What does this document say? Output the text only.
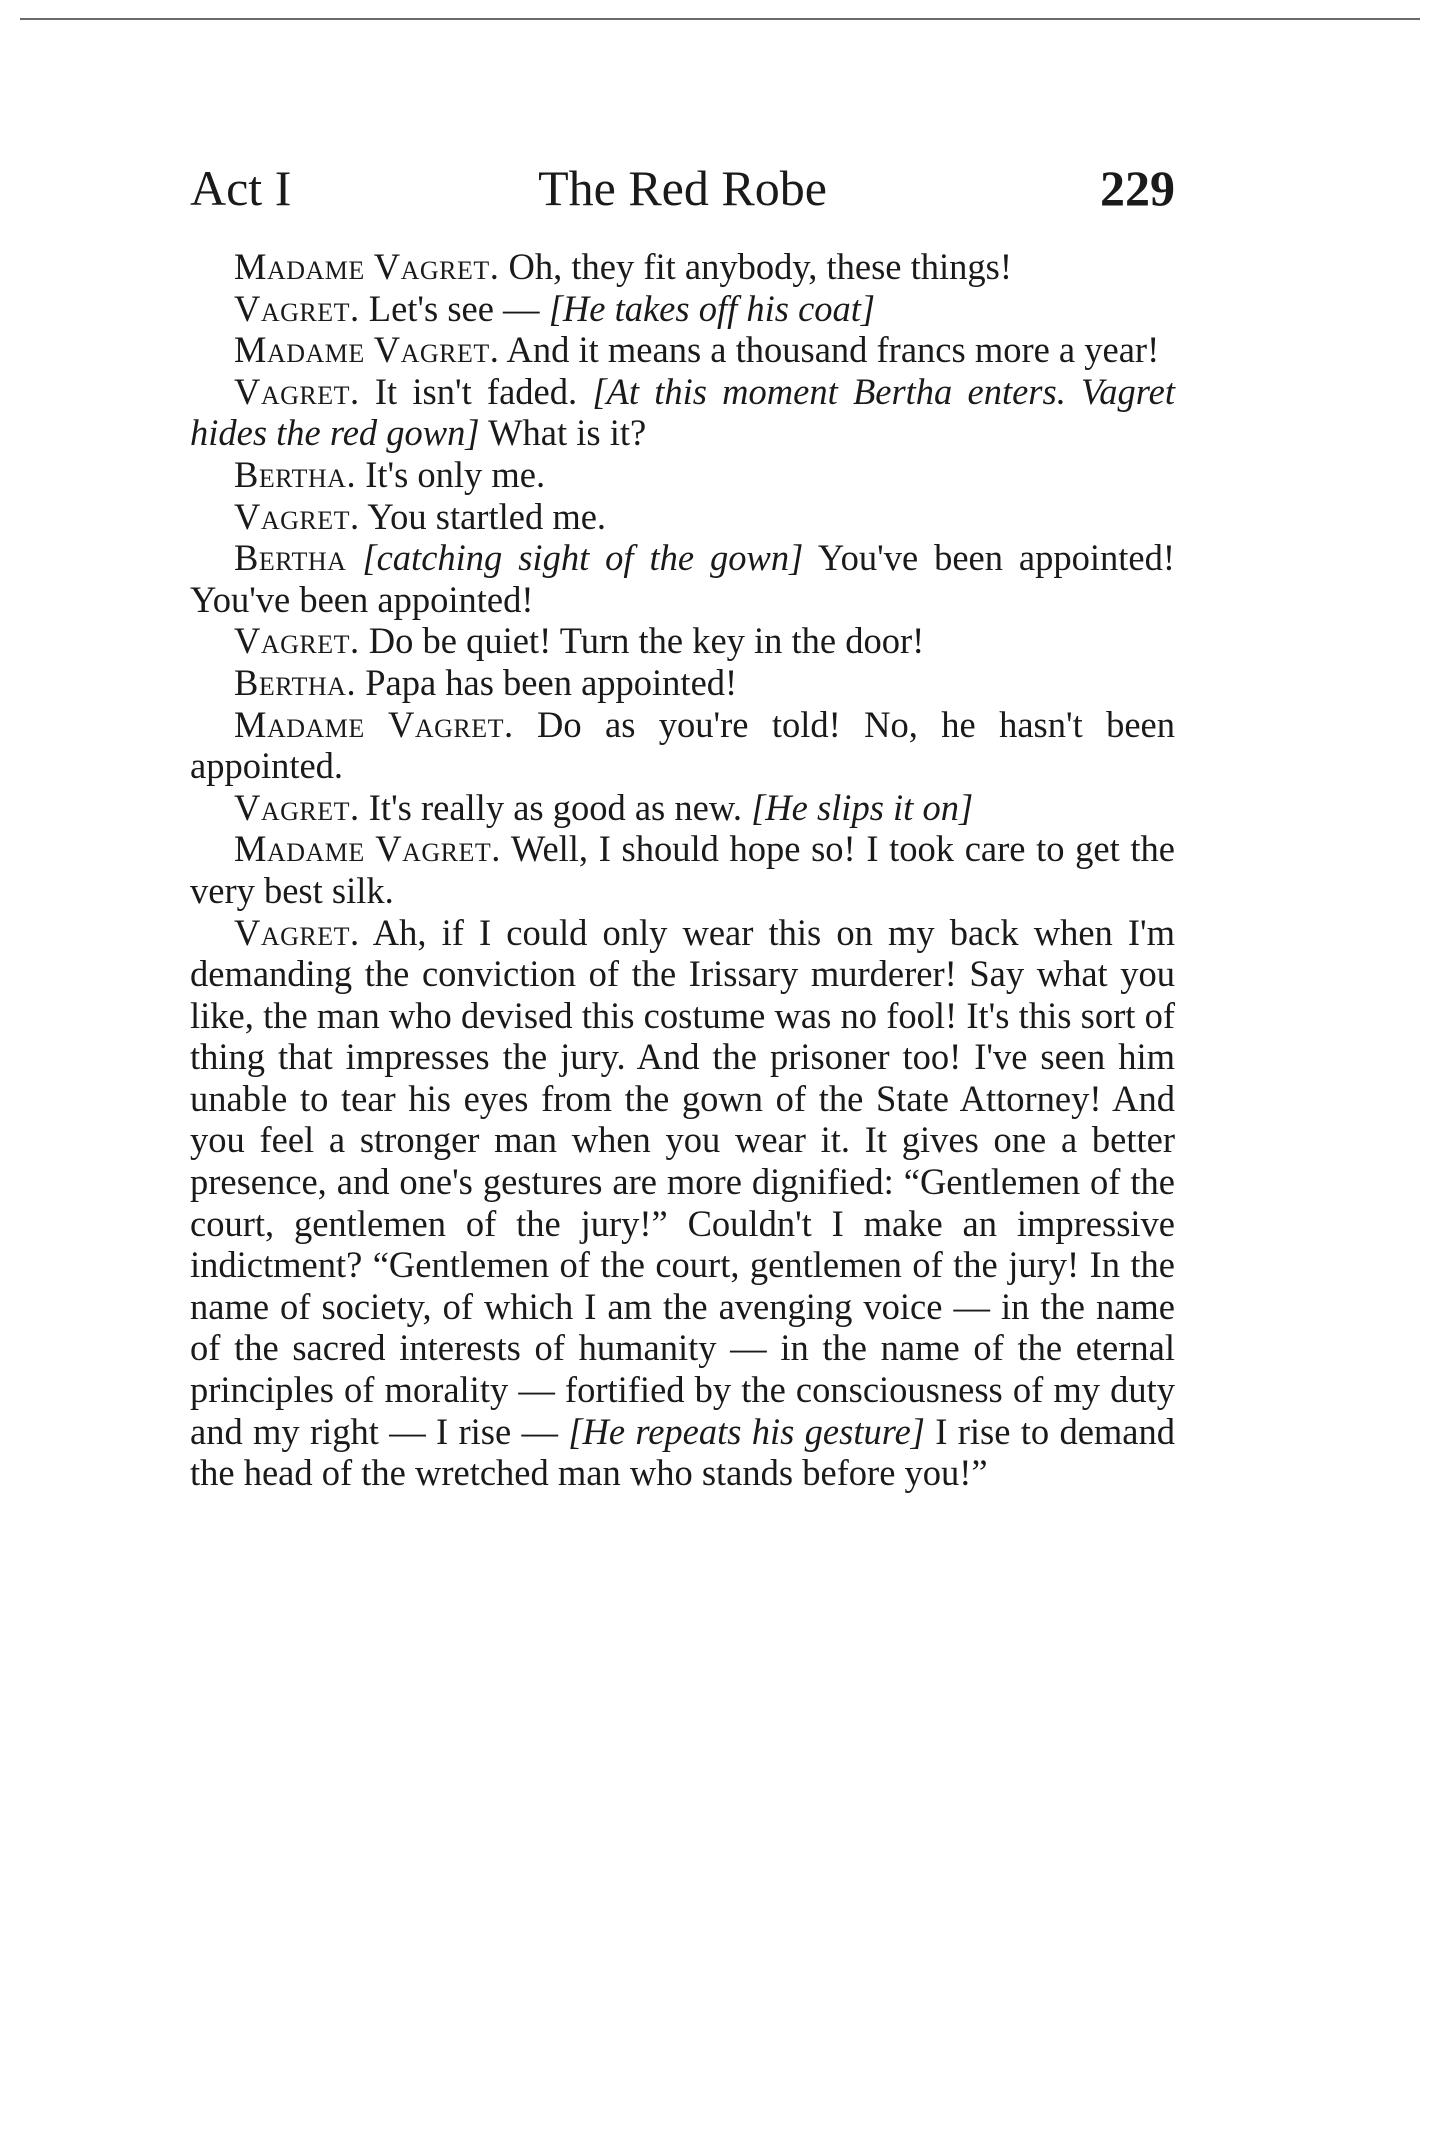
Act I	The Red Robe	229

Madame Vagret. Oh, they fit anybody, these things!

Vagret. Let's see — [He takes off his coat]

Madame Vagret. And it means a thousand francs more a year!

Vagret. It isn't faded. [At this moment Bertha enters. Vagret hides the red gown] What is it?

Bertha. It's only me.

Vagret. You startled me.

Bertha [catching sight of the gown] You've been appointed! You've been appointed!

Vagret. Do be quiet! Turn the key in the door!

Bertha. Papa has been appointed!

Madame Vagret. Do as you're told! No, he hasn't been appointed.

Vagret. It's really as good as new. [He slips it on]

Madame Vagret. Well, I should hope so! I took care to get the very best silk.

Vagret. Ah, if I could only wear this on my back when I'm demanding the conviction of the Irissary murderer! Say what you like, the man who devised this costume was no fool! It's this sort of thing that impresses the jury. And the prisoner too! I've seen him unable to tear his eyes from the gown of the State Attorney! And you feel a stronger man when you wear it. It gives one a better presence, and one's gestures are more dignified: “Gentlemen of the court, gentlemen of the jury!” Couldn't I make an impressive indictment? “Gentlemen of the court, gentlemen of the jury! In the name of society, of which I am the avenging voice — in the name of the sacred interests of humanity — in the name of the eternal principles of morality — fortified by the consciousness of my duty and my right — I rise — [He repeats his gesture] I rise to demand the head of the wretched man who stands before you!”
